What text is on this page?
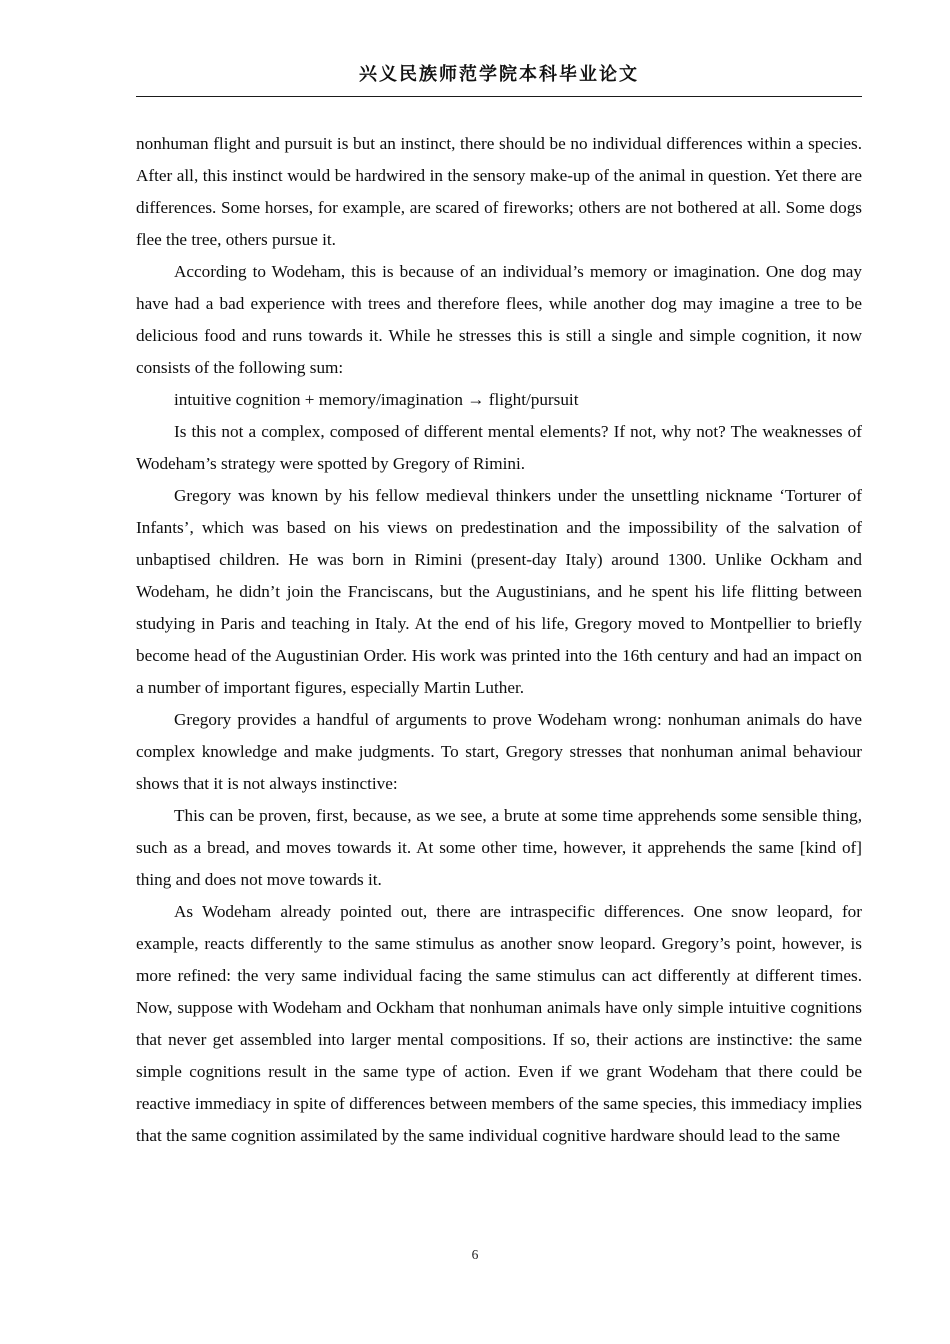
兴义民族师范学院本科毕业论文

nonhuman flight and pursuit is but an instinct, there should be no individual differences within a species. After all, this instinct would be hardwired in the sensory make-up of the animal in question. Yet there are differences. Some horses, for example, are scared of fireworks; others are not bothered at all. Some dogs flee the tree, others pursue it.

According to Wodeham, this is because of an individual’s memory or imagination. One dog may have had a bad experience with trees and therefore flees, while another dog may imagine a tree to be delicious food and runs towards it. While he stresses this is still a single and simple cognition, it now consists of the following sum:

intuitive cognition + memory/imagination → flight/pursuit

Is this not a complex, composed of different mental elements? If not, why not? The weaknesses of Wodeham’s strategy were spotted by Gregory of Rimini.

Gregory was known by his fellow medieval thinkers under the unsettling nickname ‘Torturer of Infants’, which was based on his views on predestination and the impossibility of the salvation of unbaptised children. He was born in Rimini (present-day Italy) around 1300. Unlike Ockham and Wodeham, he didn’t join the Franciscans, but the Augustinians, and he spent his life flitting between studying in Paris and teaching in Italy. At the end of his life, Gregory moved to Montpellier to briefly become head of the Augustinian Order. His work was printed into the 16th century and had an impact on a number of important figures, especially Martin Luther.

Gregory provides a handful of arguments to prove Wodeham wrong: nonhuman animals do have complex knowledge and make judgments. To start, Gregory stresses that nonhuman animal behaviour shows that it is not always instinctive:

This can be proven, first, because, as we see, a brute at some time apprehends some sensible thing, such as a bread, and moves towards it. At some other time, however, it apprehends the same [kind of] thing and does not move towards it.

As Wodeham already pointed out, there are intraspecific differences. One snow leopard, for example, reacts differently to the same stimulus as another snow leopard. Gregory’s point, however, is more refined: the very same individual facing the same stimulus can act differently at different times. Now, suppose with Wodeham and Ockham that nonhuman animals have only simple intuitive cognitions that never get assembled into larger mental compositions. If so, their actions are instinctive: the same simple cognitions result in the same type of action. Even if we grant Wodeham that there could be reactive immediacy in spite of differences between members of the same species, this immediacy implies that the same cognition assimilated by the same individual cognitive hardware should lead to the same

6
